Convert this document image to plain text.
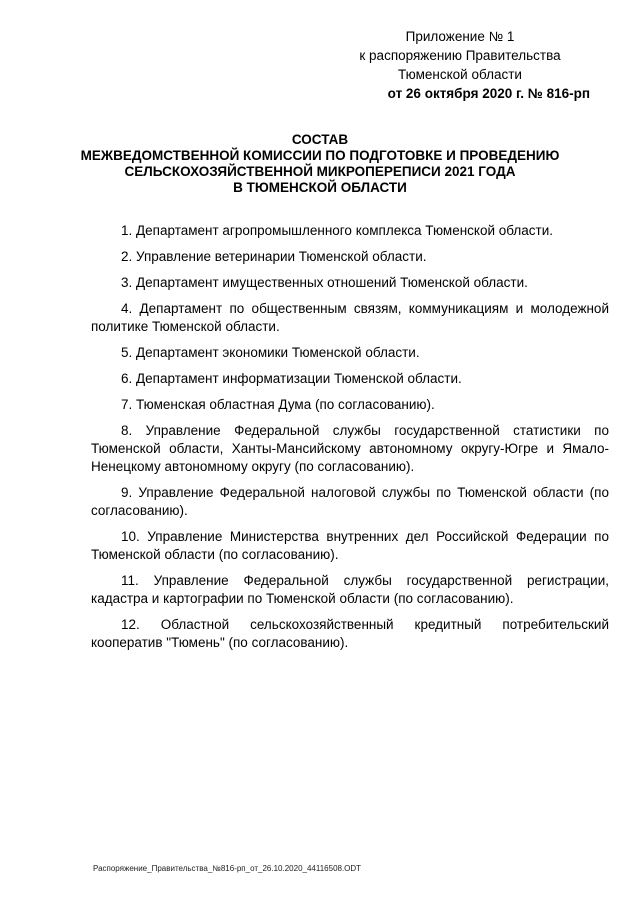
Приложение № 1
к распоряжению Правительства
Тюменской области
от 26 октября 2020 г. № 816-рп
СОСТАВ
МЕЖВЕДОМСТВЕННОЙ КОМИССИИ ПО ПОДГОТОВКЕ И ПРОВЕДЕНИЮ
СЕЛЬСКОХОЗЯЙСТВЕННОЙ МИКРОПЕРЕПИСИ 2021 ГОДА
В ТЮМЕНСКОЙ ОБЛАСТИ

1. Департамент агропромышленного комплекса Тюменской области.

2. Управление ветеринарии Тюменской области.

3. Департамент имущественных отношений Тюменской области.

4. Департамент по общественным связям, коммуникациям и молодежной политике Тюменской области.

5. Департамент экономики Тюменской области.

6. Департамент информатизации Тюменской области.

7. Тюменская областная Дума (по согласованию).

8. Управление Федеральной службы государственной статистики по Тюменской области, Ханты-Мансийскому автономному округу-Югре и Ямало-Ненецкому автономному округу (по согласованию).

9. Управление Федеральной налоговой службы по Тюменской области (по согласованию).

10. Управление Министерства внутренних дел Российской Федерации по Тюменской области (по согласованию).

11. Управление Федеральной службы государственной регистрации, кадастра и картографии по Тюменской области (по согласованию).

12. Областной сельскохозяйственный кредитный потребительский кооператив "Тюмень" (по согласованию).

Распоряжение_Правительства_№816-рп_от_26.10.2020_44116508.ODT
